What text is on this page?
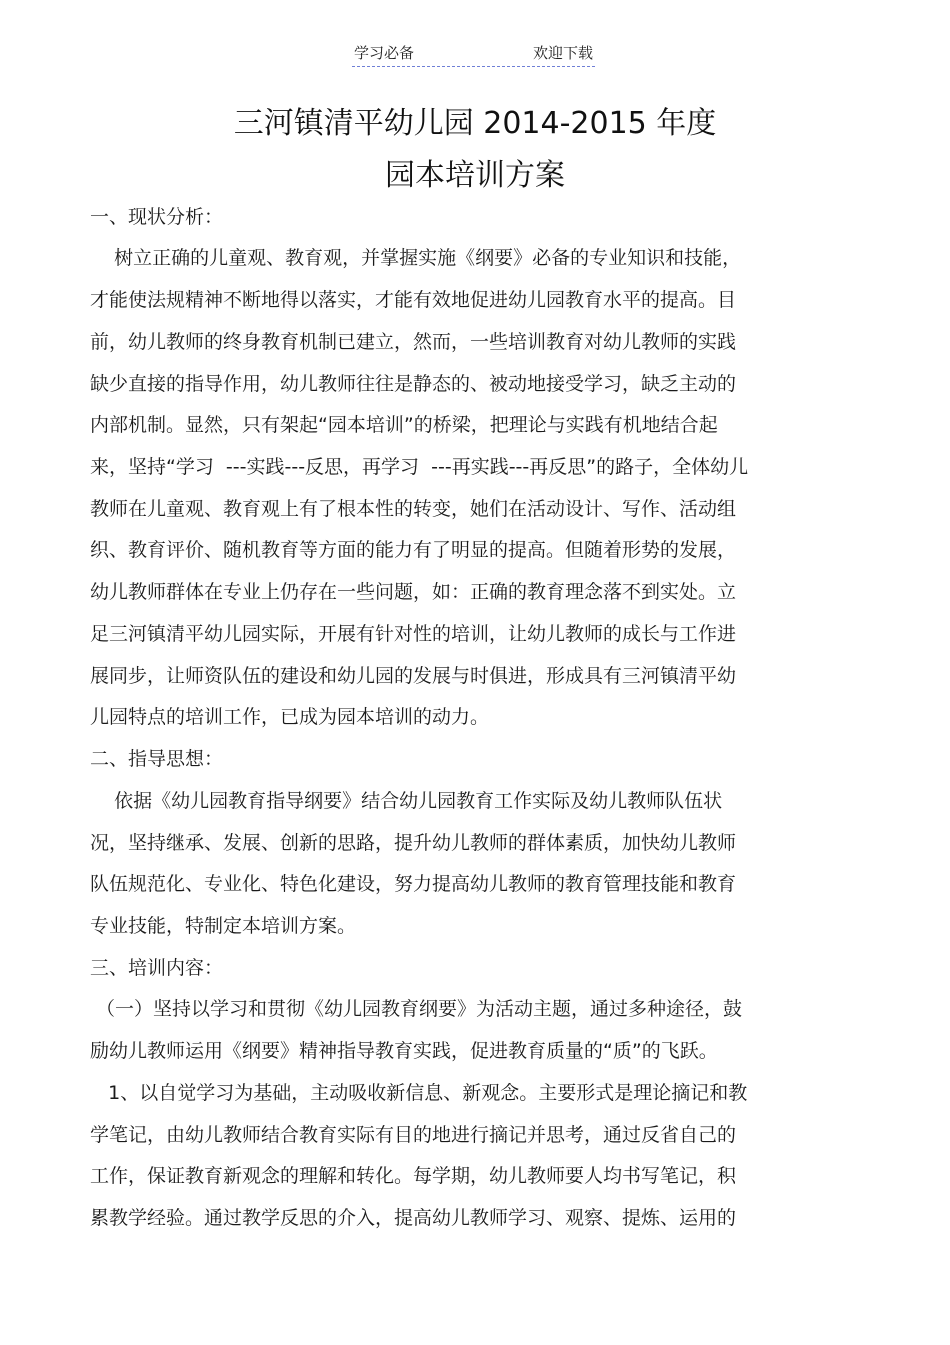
学习必备	欢迎下载
三河镇清平幼儿园 2014-2015 年度
园本培训方案
一、现状分析：
树立正确的儿童观、教育观，并掌握实施《纲要》必备的专业知识和技能，
才能使法规精神不断地得以落实，才能有效地促进幼儿园教育水平的提高。目
前，幼儿教师的终身教育机制已建立，然而，一些培训教育对幼儿教师的实践
缺少直接的指导作用，幼儿教师往往是静态的、被动地接受学习，缺乏主动的
内部机制。显然，只有架起“园本培训”的桥梁，把理论与实践有机地结合起
来，坚持“学习  ---实践---反思，再学习  ---再实践---再反思”的路子，全体幼儿
教师在儿童观、教育观上有了根本性的转变，她们在活动设计、写作、活动组
织、教育评价、随机教育等方面的能力有了明显的提高。但随着形势的发展，
幼儿教师群体在专业上仍存在一些问题，如：正确的教育理念落不到实处。立
足三河镇清平幼儿园实际，开展有针对性的培训，让幼儿教师的成长与工作进
展同步，让师资队伍的建设和幼儿园的发展与时俱进，形成具有三河镇清平幼
儿园特点的培训工作，已成为园本培训的动力。
二、指导思想：
依据《幼儿园教育指导纲要》结合幼儿园教育工作实际及幼儿教师队伍状
况，坚持继承、发展、创新的思路，提升幼儿教师的群体素质，加快幼儿教师
队伍规范化、专业化、特色化建设，努力提高幼儿教师的教育管理技能和教育
专业技能，特制定本培训方案。
三、培训内容：
（一）坚持以学习和贯彻《幼儿园教育纲要》为活动主题，通过多种途径，鼓
励幼儿教师运用《纲要》精神指导教育实践，促进教育质量的“质”的飞跃。
1、以自觉学习为基础，主动吸收新信息、新观念。主要形式是理论摘记和教
学笔记，由幼儿教师结合教育实际有目的地进行摘记并思考，通过反省自己的
工作，保证教育新观念的理解和转化。每学期，幼儿教师要人均书写笔记，积
累教学经验。通过教学反思的介入，提高幼儿教师学习、观察、提炼、运用的
